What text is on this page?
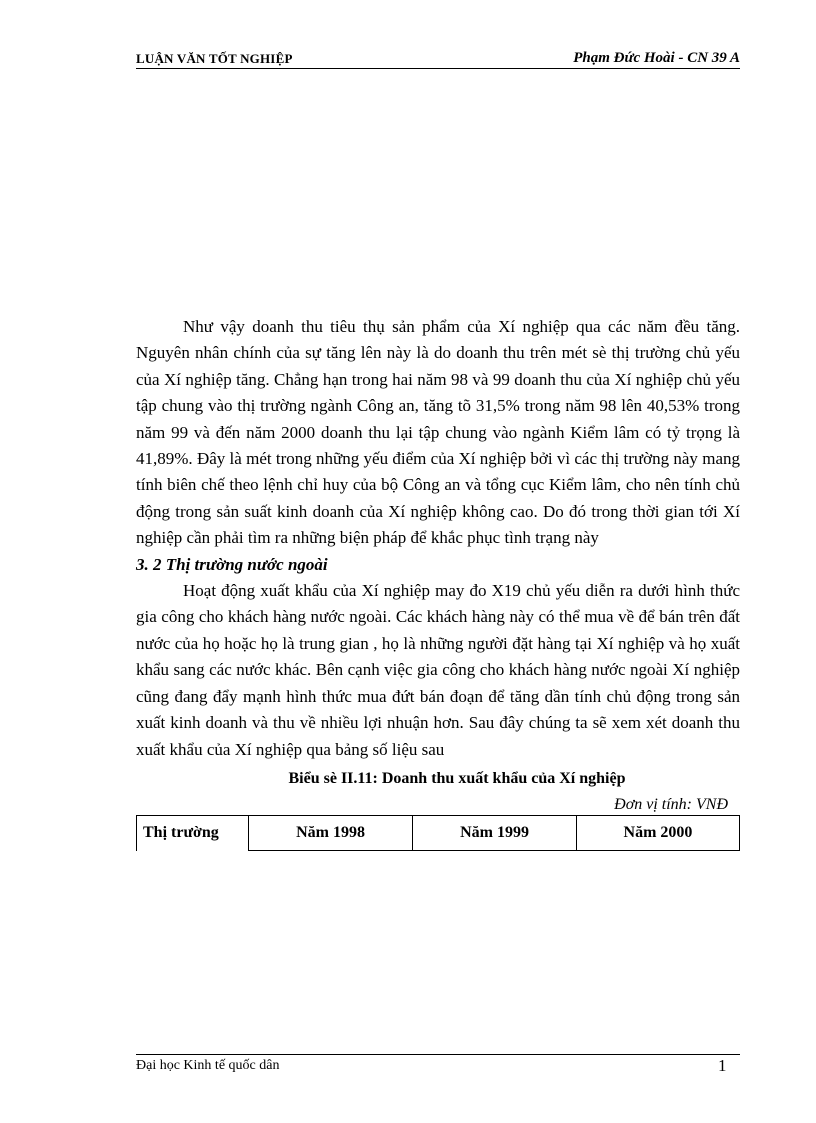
LUẬN VĂN TỐT NGHIỆP	Phạm Đức Hoài - CN 39 A

Như vậy doanh thu tiêu thụ sản phẩm của Xí nghiệp qua các năm đều tăng. Nguyên nhân chính của sự tăng lên này là do doanh thu trên mét sè thị trường chủ yếu của Xí nghiệp tăng. Chẳng hạn trong hai năm 98 và 99 doanh thu của Xí nghiệp chủ yếu tập chung vào thị trường ngành Công an, tăng tõ 31,5% trong năm 98 lên 40,53% trong năm 99 và đến năm 2000 doanh thu lại tập chung vào ngành Kiểm lâm có tỷ trọng là 41,89%. Đây là mét trong những yếu điểm của Xí nghiệp bởi vì các thị trường này mang tính biên chế theo lệnh chỉ huy của bộ Công an và tổng cục Kiểm lâm, cho nên tính chủ động trong sản suất kinh doanh của Xí nghiệp không cao. Do đó trong thời gian tới Xí nghiệp cần phải tìm ra những biện pháp để khắc phục tình trạng này

3. 2 Thị trường nước ngoài

Hoạt động xuất khẩu của Xí nghiệp may đo X19 chủ yếu diễn ra dưới hình thức gia công cho khách hàng nước ngoài. Các khách hàng này có thể mua về để bán trên đất nước của họ hoặc họ là trung gian , họ là những người đặt hàng tại Xí nghiệp và họ xuất khẩu sang các nước khác. Bên cạnh việc gia công cho khách hàng nước ngoài Xí nghiệp cũng đang đẩy mạnh hình thức mua đứt bán đoạn để tăng dần tính chủ động trong sản xuất kinh doanh và thu về nhiều lợi nhuận hơn. Sau đây chúng ta sẽ xem xét doanh thu xuất khẩu của Xí nghiệp qua bảng số liệu sau

Biểu sè II.11: Doanh thu xuất khẩu của Xí nghiệp

Đơn vị tính: VNĐ

Thị trường	Năm 1998	Năm 1999	Năm 2000
Đại học Kinh tế quốc dân	1
